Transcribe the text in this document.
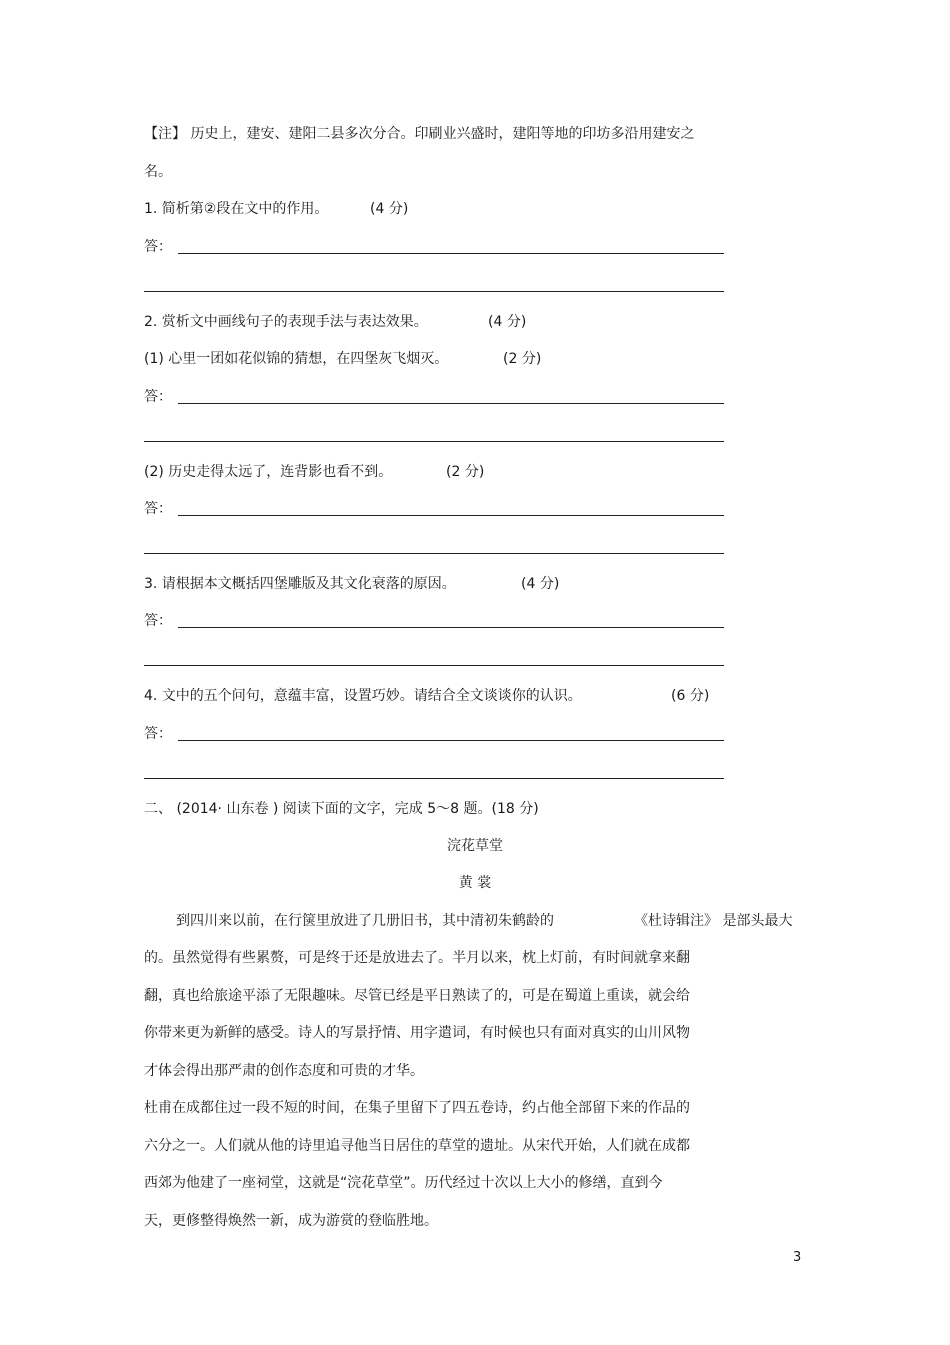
【注】 历史上，建安、建阳二县多次分合。印刷业兴盛时，建阳等地的印坊多沿用建安之
名。
1. 简析第②段在文中的作用。	(4 分)
答：
2. 赏析文中画线句子的表现手法与表达效果。	(4 分)
(1) 心里一团如花似锦的猜想，在四堡灰飞烟灭。	(2 分)
答：
(2) 历史走得太远了，连背影也看不到。	(2 分)
答：
3. 请根据本文概括四堡雕版及其文化衰落的原因。	(4 分)
答：
4. 文中的五个问句，意蕴丰富，设置巧妙。请结合全文谈谈你的认识。	(6 分)
答：
二、 (2014· 山东卷 ) 阅读下面的文字，完成 5～8 题。(18 分)
浣花草堂
黄 裳
到四川来以前，在行箧里放进了几册旧书，其中清初朱鹤龄的	《杜诗辑注》 是部头最大
的。虽然觉得有些累赘，可是终于还是放进去了。半月以来，枕上灯前，有时间就拿来翻
翻，真也给旅途平添了无限趣味。尽管已经是平日熟读了的，可是在蜀道上重读，就会给
你带来更为新鲜的感受。诗人的写景抒情、用字遣词，有时候也只有面对真实的山川风物
才体会得出那严肃的创作态度和可贵的才华。
杜甫在成都住过一段不短的时间，在集子里留下了四五卷诗，约占他全部留下来的作品的
六分之一。人们就从他的诗里追寻他当日居住的草堂的遗址。从宋代开始，人们就在成都
西郊为他建了一座祠堂，这就是“浣花草堂”。历代经过十次以上大小的修缮，直到今
天，更修整得焕然一新，成为游赏的登临胜地。
3
